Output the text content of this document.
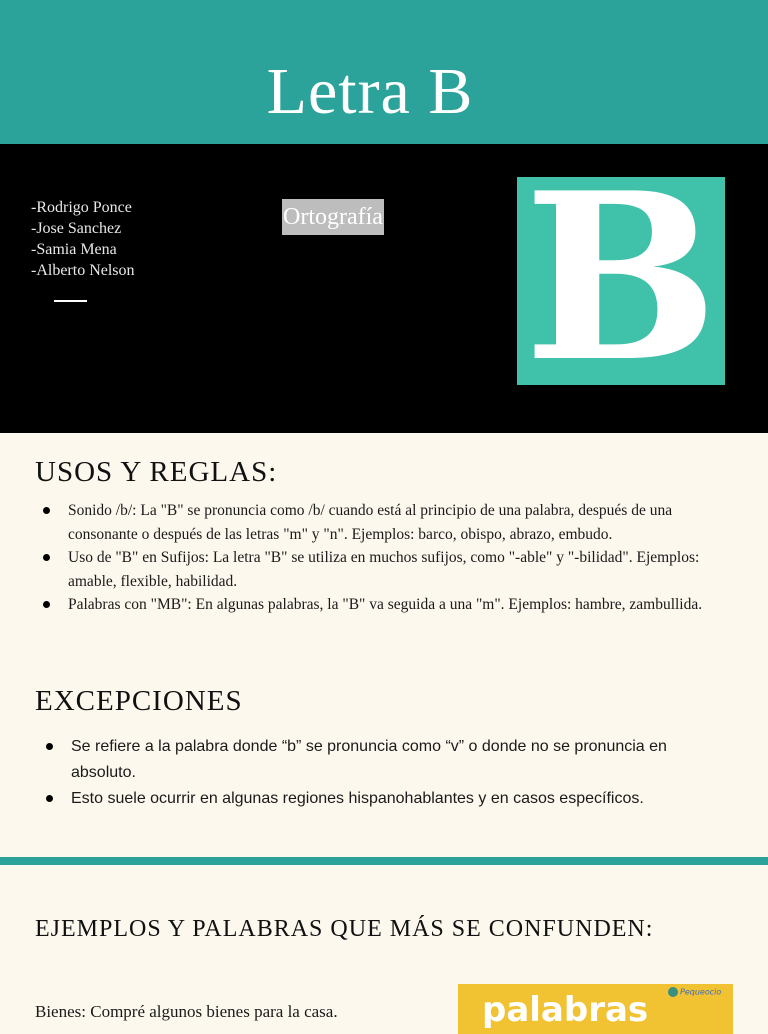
Letra B
-Rodrigo Ponce
-Jose Sanchez
-Samia Mena
-Alberto Nelson
Ortografía B
USOS Y REGLAS:
Sonido /b/: La "B" se pronuncia como /b/ cuando está al principio de una palabra, después de una consonante o después de las letras "m" y "n". Ejemplos: barco, obispo, abrazo, embudo.
Uso de "B" en Sufijos: La letra "B" se utiliza en muchos sufijos, como "-able" y "-bilidad". Ejemplos: amable, flexible, habilidad.
Palabras con "MB": En algunas palabras, la "B" va seguida a una "m". Ejemplos: hambre, zambullida.
EXCEPCIONES
Se refiere a la palabra donde “b” se pronuncia como “v” o donde no se pronuncia en absoluto.
Esto suele ocurrir en algunas regiones hispanohablantes y en casos específicos.
EJEMPLOS Y PALABRAS QUE MÁS SE CONFUNDEN:
Bienes: Compré algunos bienes para la casa.	palabras	Pequeocio
